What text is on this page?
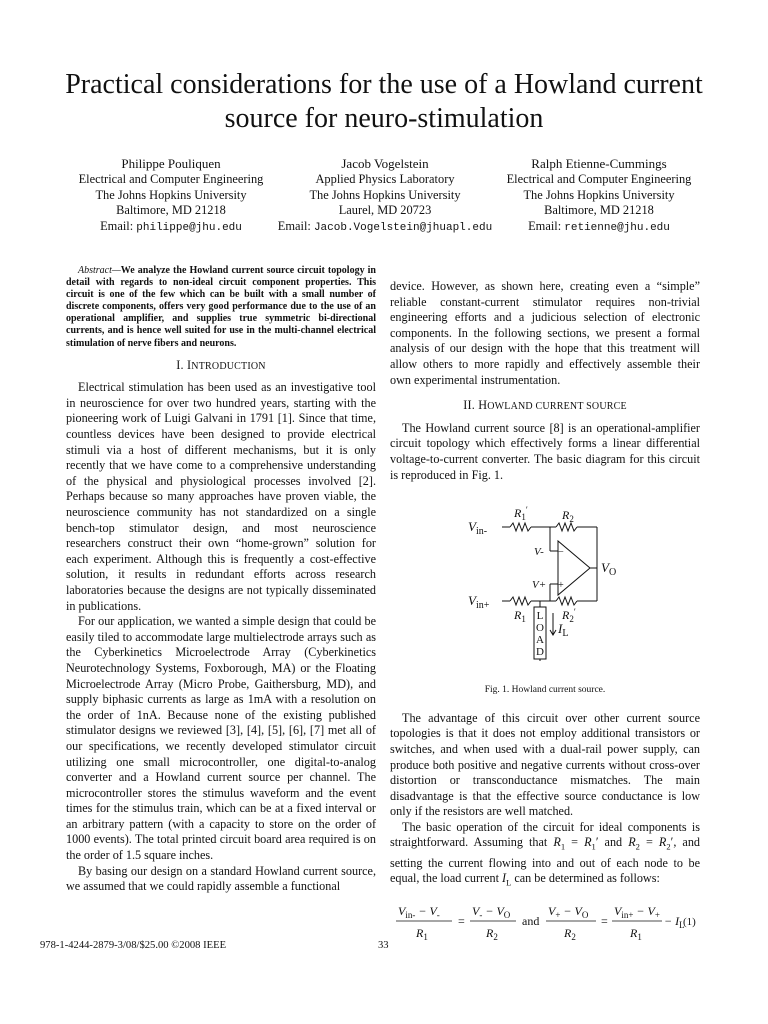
Practical considerations for the use of a Howland current source for neuro-stimulation
Philippe Pouliquen
Electrical and Computer Engineering
The Johns Hopkins University
Baltimore, MD 21218
Email: philippe@jhu.edu
Jacob Vogelstein
Applied Physics Laboratory
The Johns Hopkins University
Laurel, MD 20723
Email: Jacob.Vogelstein@jhuapl.edu
Ralph Etienne-Cummings
Electrical and Computer Engineering
The Johns Hopkins University
Baltimore, MD 21218
Email: retienne@jhu.edu

Abstract—We analyze the Howland current source circuit topology in detail with regards to non-ideal circuit component properties. This circuit is one of the few which can be built with a small number of discrete components, offers very good performance due to the use of an operational amplifier, and supplies true symmetric bi-directional currents, and is hence well suited for use in the multi-channel electrical stimulation of nerve fibers and neurons.

I. INTRODUCTION

Electrical stimulation has been used as an investigative tool in neuroscience for over two hundred years, starting with the pioneering work of Luigi Galvani in 1791 [1]. Since that time, countless devices have been designed to provide electrical stimuli via a host of different mechanisms, but it is only recently that we have come to a comprehensive understanding of the physical and physiological processes involved [2]. Perhaps because so many approaches have proven viable, the neuroscience community has not standardized on a single bench-top stimulator design, and most neuroscience researchers construct their own “home-grown” solution for each experiment. Although this is frequently a cost-effective solution, it results in redundant efforts across research laboratories because the designs are not typically disseminated in publications.

For our application, we wanted a simple design that could be easily tiled to accommodate large multielectrode arrays such as the Cyberkinetics Microelectrode Array (Cyberkinetics Neurotechnology Systems, Foxborough, MA) or the Floating Microelectrode Array (Micro Probe, Gaithersburg, MD), and supply biphasic currents as large as 1mA with a resolution on the order of 1nA. Because none of the existing published stimulator designs we reviewed [3], [4], [5], [6], [7] met all of our specifications, we recently developed stimulator circuit utilizing one small microcontroller, one digital-to-analog converter and a Howland current source per channel. The microcontroller stores the stimulus waveform and the event times for the stimulus train, which can be at a fixed interval or an arbitrary pattern (with a capacity to store on the order of 1000 events). The total printed circuit board area required is on the order of 1.5 square inches.

By basing our design on a standard Howland current source, we assumed that we could rapidly assemble a functional

device. However, as shown here, creating even a “simple” reliable constant-current stimulator requires non-trivial engineering efforts and a judicious selection of electronic components. In the following sections, we present a formal analysis of our design with the hope that this treatment will allow others to more rapidly and effectively assemble their own experimental instrumentation.

II. HOWLAND CURRENT SOURCE

The Howland current source [8] is an operational-amplifier circuit topology which effectively forms a linear differential voltage-to-current converter. The basic diagram for this circuit is reproduced in Fig. 1.

$V_{in-}$
$V_{in+}$
$R_1'$	$R_2$
$R_1$	$R_2'$
V-
V+
$V_O$
$I_L$
−
+
L
O
A
D
Fig. 1. Howland current source.

The advantage of this circuit over other current source topologies is that it does not employ additional transistors or switches, and when used with a dual-rail power supply, can produce both positive and negative currents without cross-over distortion or transconductance mismatches. The main disadvantage is that the effective source conductance is low only if the resistors are well matched.

The basic operation of the circuit for ideal components is straightforward. Assuming that $R_1 = R_1'$ and $R_2 = R_2'$, and setting the current flowing into and out of each node to be equal, the load current $I_L$ can be determined as follows:

$V_{in-} - V_-$
$R_1$
=
$V_- - V_O$
$R_2$
and
$V_+ - V_O$
$R_2$
=
$V_{in+} - V_+$
$R_1$
− $I_L$
(1)
978-1-4244-2879-3/08/$25.00 ©2008 IEEE	33
